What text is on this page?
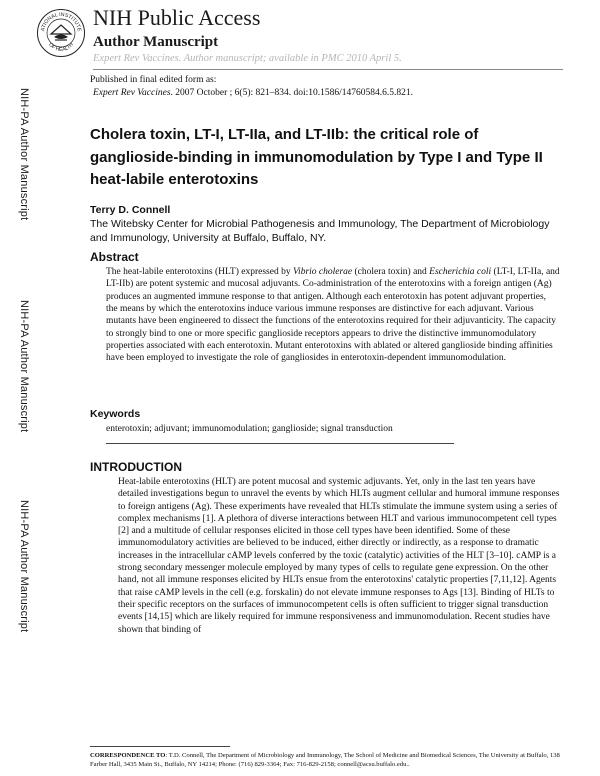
ATIONAL INSTITUTE
OF HEALTH
NIH Public Access
Author Manuscript
Expert Rev Vaccines. Author manuscript; available in PMC 2010 April 5.
Published in final edited form as:
Expert Rev Vaccines. 2007 October ; 6(5): 821–834. doi:10.1586/14760584.6.5.821.
NIH-PA Author Manuscript
NIH-PA Author Manuscript
NIH-PA Author Manuscript
Cholera toxin, LT-I, LT-IIa, and LT-IIb: the critical role of ganglioside-binding in immunomodulation by Type I and Type II heat-labile enterotoxins
Terry D. Connell
The Witebsky Center for Microbial Pathogenesis and Immunology, The Department of Microbiology and Immunology, University at Buffalo, Buffalo, NY.
Abstract

The heat-labile enterotoxins (HLT) expressed by Vibrio cholerae (cholera toxin) and Escherichia coli (LT-I, LT-IIa, and LT-IIb) are potent systemic and mucosal adjuvants. Co-administration of the enterotoxins with a foreign antigen (Ag) produces an augmented immune response to that antigen. Although each enterotoxin has potent adjuvant properties, the means by which the enterotoxins induce various immune responses are distinctive for each adjuvant. Various mutants have been engineered to dissect the functions of the enterotoxins required for their adjuvanticity. The capacity to strongly bind to one or more specific ganglioside receptors appears to drive the distinctive immunomodulatory properties associated with each enterotoxin. Mutant enterotoxins with ablated or altered ganglioside binding affinities have been employed to investigate the role of gangliosides in enterotoxin-dependent immunomodulation.

Keywords
enterotoxin; adjuvant; immunomodulation; ganglioside; signal transduction
INTRODUCTION

Heat-labile enterotoxins (HLT) are potent mucosal and systemic adjuvants. Yet, only in the last ten years have detailed investigations begun to unravel the events by which HLTs augment cellular and humoral immune responses to foreign antigens (Ag). These experiments have revealed that HLTs stimulate the immune system using a series of complex mechanisms [1]. A plethora of diverse interactions between HLT and various immunocompetent cell types [2] and a multitude of cellular responses elicited in those cell types have been identified. Some of these immunomodulatory activities are believed to be induced, either directly or indirectly, as a response to dramatic increases in the intracellular cAMP levels conferred by the toxic (catalytic) activities of the HLT [3–10]. cAMP is a strong secondary messenger molecule employed by many types of cells to regulate gene expression. On the other hand, not all immune responses elicited by HLTs ensue from the enterotoxins' catalytic properties [7,11,12]. Agents that raise cAMP levels in the cell (e.g. forskalin) do not elevate immune responses to Ags [13]. Binding of HLTs to their specific receptors on the surfaces of immunocompetent cells is often sufficient to trigger signal transduction events [14,15] which are likely required for immune responsiveness and immunomodulation. Recent studies have shown that binding of

CORRESPONDENCE TO: T.D. Connell, The Department of Microbiology and Immunology, The School of Medicine and Biomedical Sciences, The University at Buffalo, 138 Farber Hall, 3435 Main St., Buffalo, NY 14214; Phone: (716) 829-3364; Fax: 716-829-2158; connell@acsu.buffalo.edu..
